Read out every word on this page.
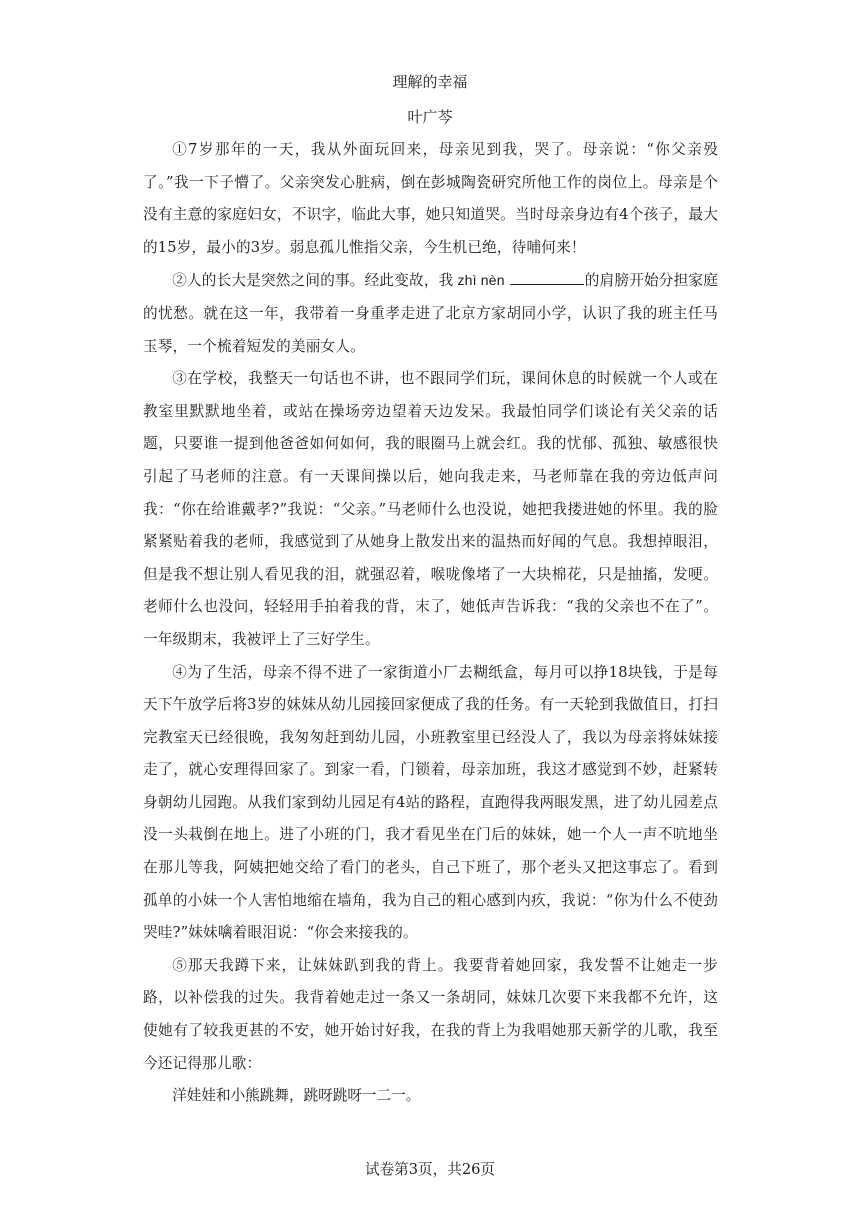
理解的幸福
叶广芩

①7岁那年的一天，我从外面玩回来，母亲见到我，哭了。母亲说：“你父亲殁了。”我一下子懵了。父亲突发心脏病，倒在彭城陶瓷研究所他工作的岗位上。母亲是个没有主意的家庭妇女，不识字，临此大事，她只知道哭。当时母亲身边有4个孩子，最大的15岁，最小的3岁。弱息孤儿惟指父亲，今生机已绝，待哺何来！

②人的长大是突然之间的事。经此变故，我 zhì nèn	的肩膀开始分担家庭的忧愁。就在这一年，我带着一身重孝走进了北京方家胡同小学，认识了我的班主任马玉琴，一个梳着短发的美丽女人。

③在学校，我整天一句话也不讲，也不跟同学们玩，课间休息的时候就一个人或在教室里默默地坐着，或站在操场旁边望着天边发呆。我最怕同学们谈论有关父亲的话题，只要谁一提到他爸爸如何如何，我的眼圈马上就会红。我的忧郁、孤独、敏感很快引起了马老师的注意。有一天课间操以后，她向我走来，马老师靠在我的旁边低声问我：“你在给谁戴孝?”我说：“父亲。”马老师什么也没说，她把我搂进她的怀里。我的脸紧紧贴着我的老师，我感觉到了从她身上散发出来的温热而好闻的气息。我想掉眼泪，但是我不想让别人看见我的泪，就强忍着，喉咙像堵了一大块棉花，只是抽搐，发哽。老师什么也没问，轻轻用手拍着我的背，末了，她低声告诉我：“我的父亲也不在了”。一年级期末，我被评上了三好学生。

④为了生活，母亲不得不进了一家街道小厂去糊纸盒，每月可以挣18块钱，于是每天下午放学后将3岁的妹妹从幼儿园接回家便成了我的任务。有一天轮到我做值日，打扫完教室天已经很晚，我匆匆赶到幼儿园，小班教室里已经没人了，我以为母亲将妹妹接走了，就心安理得回家了。到家一看，门锁着，母亲加班，我这才感觉到不妙，赶紧转身朝幼儿园跑。从我们家到幼儿园足有4站的路程，直跑得我两眼发黑，进了幼儿园差点没一头栽倒在地上。进了小班的门，我才看见坐在门后的妹妹，她一个人一声不吭地坐在那儿等我，阿姨把她交给了看门的老头，自己下班了，那个老头又把这事忘了。看到孤单的小妹一个人害怕地缩在墙角，我为自己的粗心感到内疚，我说：“你为什么不使劲哭哇?”妹妹噙着眼泪说：“你会来接我的。

⑤那天我蹲下来，让妹妹趴到我的背上。我要背着她回家，我发誓不让她走一步路，以补偿我的过失。我背着她走过一条又一条胡同，妹妹几次要下来我都不允许，这使她有了较我更甚的不安，她开始讨好我，在我的背上为我唱她那天新学的儿歌，我至今还记得那儿歌：

洋娃娃和小熊跳舞，跳呀跳呀一二一。

试卷第3页，共26页
